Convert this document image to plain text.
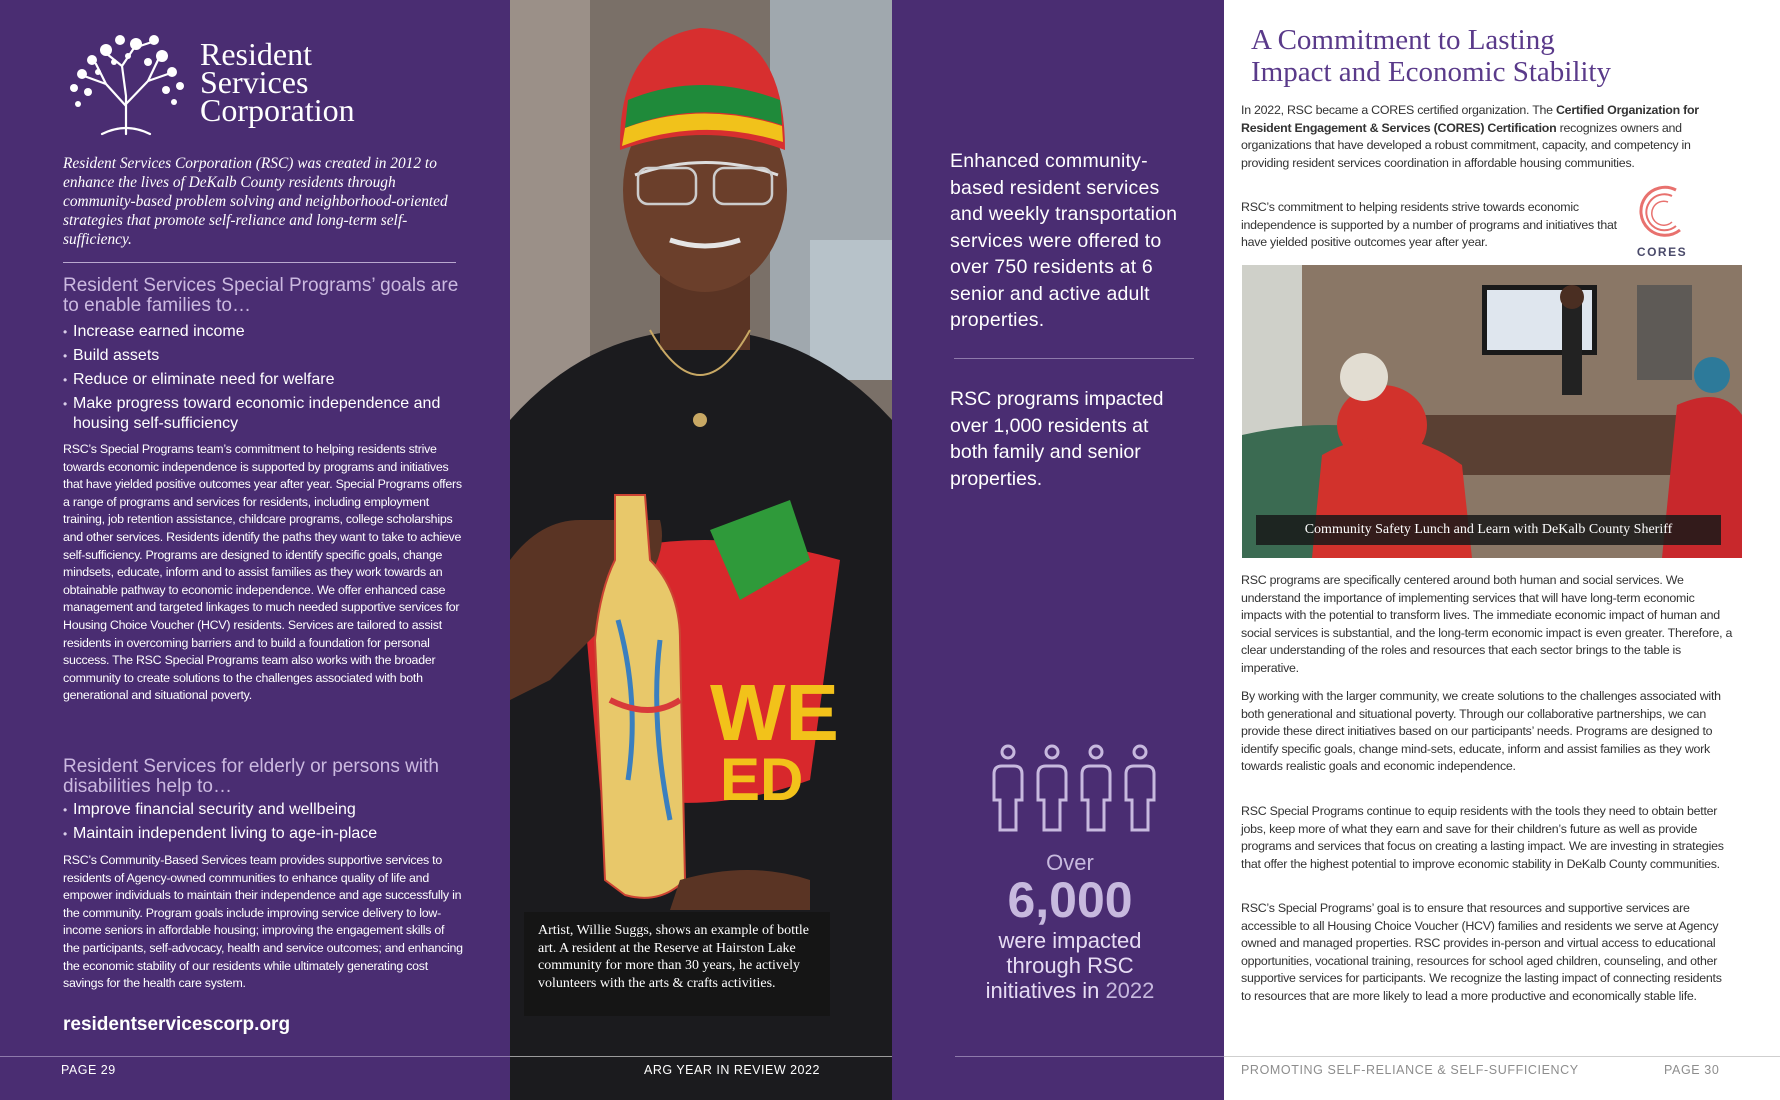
Resident
Services
Corporation
Resident Services Corporation (RSC) was created in 2012 to enhance the lives of DeKalb County residents through community-based problem solving and neighborhood-oriented strategies that promote self-reliance and long-term self-sufficiency.
Resident Services Special Programs’ goals are to enable families to…
• Increase earned income
• Build assets
• Reduce or eliminate need for welfare
• Make progress toward economic independence and housing self-sufficiency
RSC’s Special Programs team’s commitment to helping residents strive towards economic independence is supported by programs and initiatives that have yielded positive outcomes year after year. Special Programs offers a range of programs and services for residents, including employment training, job retention assistance, childcare programs, college scholarships and other services. Residents identify the paths they want to take to achieve self-sufficiency. Programs are designed to identify specific goals, change mindsets, educate, inform and to assist families as they work towards an obtainable pathway to economic independence. We offer enhanced case management and targeted linkages to much needed supportive services for Housing Choice Voucher (HCV) residents. Services are tailored to assist residents in overcoming barriers and to build a foundation for personal success. The RSC Special Programs team also works with the broader community to create solutions to the challenges associated with both generational and situational poverty.
Resident Services for elderly or persons with disabilities help to…
• Improve financial security and wellbeing
• Maintain independent living to age-in-place
RSC’s Community-Based Services team provides supportive services to residents of Agency-owned communities to enhance quality of life and empower individuals to maintain their independence and age successfully in the community. Program goals include improving service delivery to low-income seniors in affordable housing; improving the engagement skills of the participants, self-advocacy, health and service outcomes; and enhancing the economic stability of our residents while ultimately generating cost savings for the health care system.
residentservicescorp.org
PAGE 29
WE
ED
Artist, Willie Suggs, shows an example of bottle art. A resident at the Reserve at Hairston Lake community for more than 30 years, he actively volunteers with the arts & crafts activities.
ARG YEAR IN REVIEW 2022
Enhanced community-based resident services and weekly transportation services were offered to over 750 residents at 6 senior and active adult properties.
RSC programs impacted over 1,000 residents at both family and senior properties.
Over
6,000
were impacted
through RSC
initiatives in 2022
A Commitment to Lasting
Impact and Economic Stability
In 2022, RSC became a CORES certified organization. The Certified Organization for Resident Engagement & Services (CORES) Certification recognizes owners and organizations that have developed a robust commitment, capacity, and competency in providing resident services coordination in affordable housing communities.
RSC’s commitment to helping residents strive towards economic independence is supported by a number of programs and initiatives that have yielded positive outcomes year after year.
CORES
Community Safety Lunch and Learn with DeKalb County Sheriff
RSC programs are specifically centered around both human and social services. We understand the importance of implementing services that will have long-term economic impacts with the potential to transform lives. The immediate economic impact of human and social services is substantial, and the long-term economic impact is even greater. Therefore, a clear understanding of the roles and resources that each sector brings to the table is imperative.
By working with the larger community, we create solutions to the challenges associated with both generational and situational poverty. Through our collaborative partnerships, we can provide these direct initiatives based on our participants’ needs. Programs are designed to identify specific goals, change mind-sets, educate, inform and assist families as they work towards realistic goals and economic independence.
RSC Special Programs continue to equip residents with the tools they need to obtain better jobs, keep more of what they earn and save for their children’s future as well as provide programs and services that focus on creating a lasting impact. We are investing in strategies that offer the highest potential to improve economic stability in DeKalb County communities.
RSC’s Special Programs’ goal is to ensure that resources and supportive services are accessible to all Housing Choice Voucher (HCV) families and residents we serve at Agency owned and managed properties. RSC provides in-person and virtual access to educational opportunities, vocational training, resources for school aged children, counseling, and other supportive services for participants. We recognize the lasting impact of connecting residents to resources that are more likely to lead a more productive and economically stable life.
PROMOTING SELF-RELIANCE & SELF-SUFFICIENCY	PAGE 30
